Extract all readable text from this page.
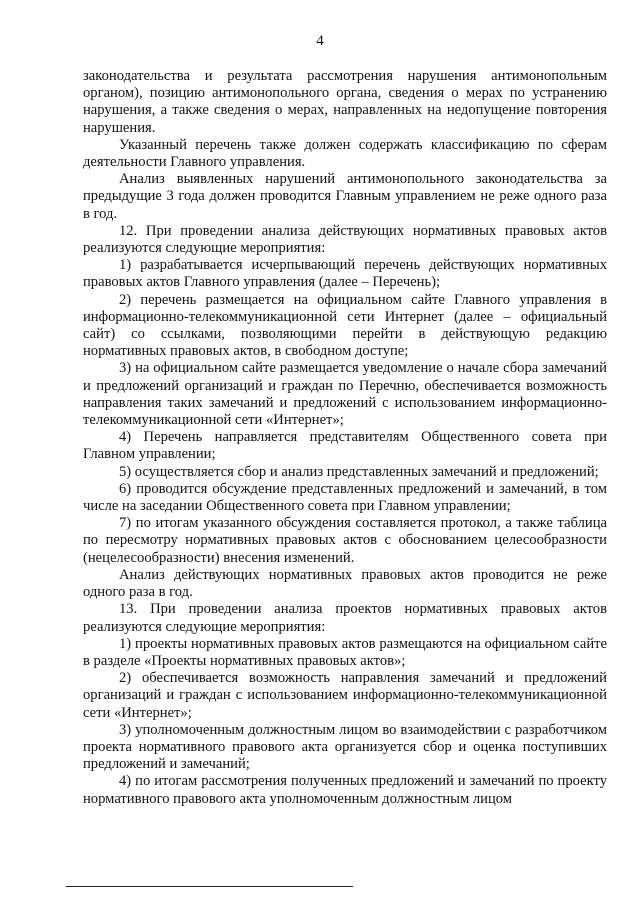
4

законодательства и результата рассмотрения нарушения антимонопольным органом), позицию антимонопольного органа, сведения о мерах по устранению нарушения, а также сведения о мерах, направленных на недопущение повторения нарушения.

Указанный перечень также должен содержать классификацию по сферам деятельности Главного управления.

Анализ выявленных нарушений антимонопольного законодательства за предыдущие 3 года должен проводится Главным управлением не реже одного раза в год.

12. При проведении анализа действующих нормативных правовых актов реализуются следующие мероприятия:

1) разрабатывается исчерпывающий перечень действующих нормативных правовых актов Главного управления (далее – Перечень);

2) перечень размещается на официальном сайте Главного управления в информационно-телекоммуникационной сети Интернет (далее – официальный сайт) со ссылками, позволяющими перейти в действующую редакцию нормативных правовых актов, в свободном доступе;

3) на официальном сайте размещается уведомление о начале сбора замечаний и предложений организаций и граждан по Перечню, обеспечивается возможность направления таких замечаний и предложений с использованием информационно-телекоммуникационной сети «Интернет»;

4) Перечень направляется представителям Общественного совета при Главном управлении;

5) осуществляется сбор и анализ представленных замечаний и предложений;

6) проводится обсуждение представленных предложений и замечаний, в том числе на заседании Общественного совета при Главном управлении;

7) по итогам указанного обсуждения составляется протокол, а также таблица по пересмотру нормативных правовых актов с обоснованием целесообразности (нецелесообразности) внесения изменений.

Анализ действующих нормативных правовых актов проводится не реже одного раза в год.

13. При проведении анализа проектов нормативных правовых актов реализуются следующие мероприятия:

1) проекты нормативных правовых актов размещаются на официальном сайте в разделе «Проекты нормативных правовых актов»;

2) обеспечивается возможность направления замечаний и предложений организаций и граждан с использованием информационно-телекоммуникационной сети «Интернет»;

3) уполномоченным должностным лицом во взаимодействии с разработчиком проекта нормативного правового акта организуется сбор и оценка поступивших предложений и замечаний;

4) по итогам рассмотрения полученных предложений и замечаний по проекту нормативного правового акта уполномоченным должностным лицом
